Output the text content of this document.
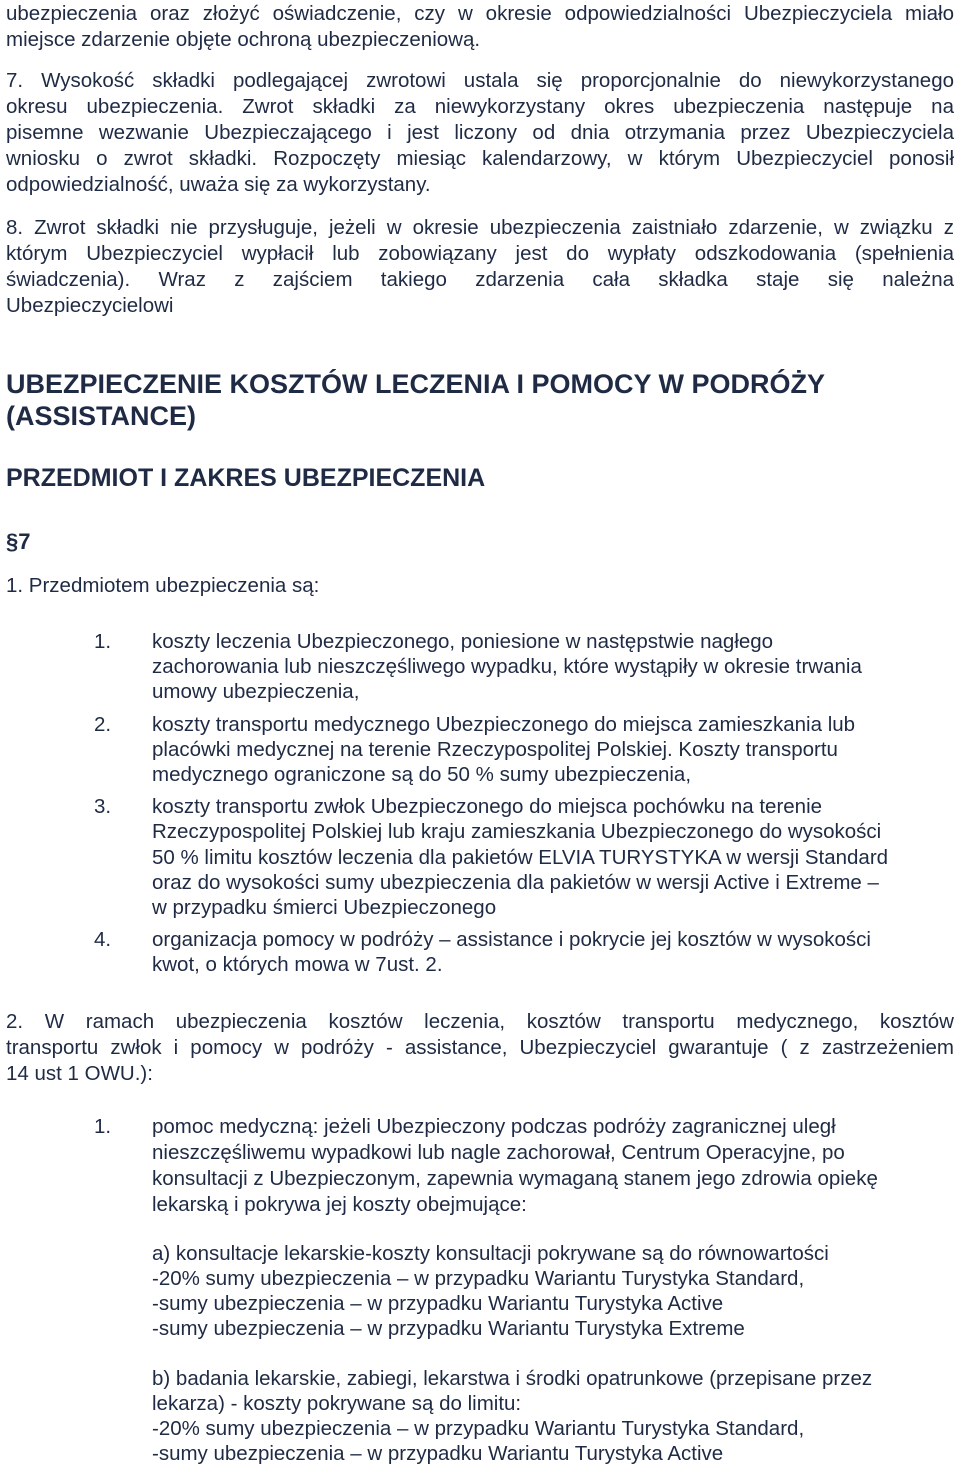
ubezpieczenia oraz złożyć oświadczenie, czy w okresie odpowiedzialności Ubezpieczyciela miało
miejsce zdarzenie objęte ochroną ubezpieczeniową.
7. Wysokość składki podlegającej zwrotowi ustala się proporcjonalnie do niewykorzystanego
okresu ubezpieczenia. Zwrot składki za niewykorzystany okres ubezpieczenia następuje na
pisemne wezwanie Ubezpieczającego i jest liczony od dnia otrzymania przez Ubezpieczyciela
wniosku o zwrot składki. Rozpoczęty miesiąc kalendarzowy, w którym Ubezpieczyciel ponosił
odpowiedzialność, uważa się za wykorzystany.
8. Zwrot składki nie przysługuje, jeżeli w okresie ubezpieczenia zaistniało zdarzenie, w związku z
którym Ubezpieczyciel wypłacił lub zobowiązany jest do wypłaty odszkodowania (spełnienia
świadczenia). Wraz z zajściem takiego zdarzenia cała składka staje się należna
Ubezpieczycielowi
UBEZPIECZENIE KOSZTÓW LECZENIA I POMOCY W PODRÓŻY
(ASSISTANCE)
PRZEDMIOT I ZAKRES UBEZPIECZENIA
§7
1. Przedmiotem ubezpieczenia są:
1. koszty leczenia Ubezpieczonego, poniesione w następstwie nagłego
zachorowania lub nieszczęśliwego wypadku, które wystąpiły w okresie trwania
umowy ubezpieczenia,
2. koszty transportu medycznego Ubezpieczonego do miejsca zamieszkania lub
placówki medycznej na terenie Rzeczypospolitej Polskiej. Koszty transportu
medycznego ograniczone są do 50 % sumy ubezpieczenia,
3. koszty transportu zwłok Ubezpieczonego do miejsca pochówku na terenie
Rzeczypospolitej Polskiej lub kraju zamieszkania Ubezpieczonego do wysokości
50 % limitu kosztów leczenia dla pakietów ELVIA TURYSTYKA w wersji Standard
oraz do wysokości sumy ubezpieczenia dla pakietów w wersji Active i Extreme –
w przypadku śmierci Ubezpieczonego
4. organizacja pomocy w podróży – assistance i pokrycie jej kosztów w wysokości
kwot, o których mowa w 7ust. 2.
2. W ramach ubezpieczenia kosztów leczenia, kosztów transportu medycznego, kosztów
transportu zwłok i pomocy w podróży - assistance, Ubezpieczyciel gwarantuje ( z zastrzeżeniem
14 ust 1 OWU.):
1. pomoc medyczną: jeżeli Ubezpieczony podczas podróży zagranicznej uległ
nieszczęśliwemu wypadkowi lub nagle zachorował, Centrum Operacyjne, po
konsultacji z Ubezpieczonym, zapewnia wymaganą stanem jego zdrowia opiekę
lekarską i pokrywa jej koszty obejmujące:
a) konsultacje lekarskie-koszty konsultacji pokrywane są do równowartości
-20% sumy ubezpieczenia – w przypadku Wariantu Turystyka Standard,
-sumy ubezpieczenia – w przypadku Wariantu Turystyka Active
-sumy ubezpieczenia – w przypadku Wariantu Turystyka Extreme
b) badania lekarskie, zabiegi, lekarstwa i środki opatrunkowe (przepisane przez
lekarza) - koszty pokrywane są do limitu:
-20% sumy ubezpieczenia – w przypadku Wariantu Turystyka Standard,
-sumy ubezpieczenia – w przypadku Wariantu Turystyka Active
